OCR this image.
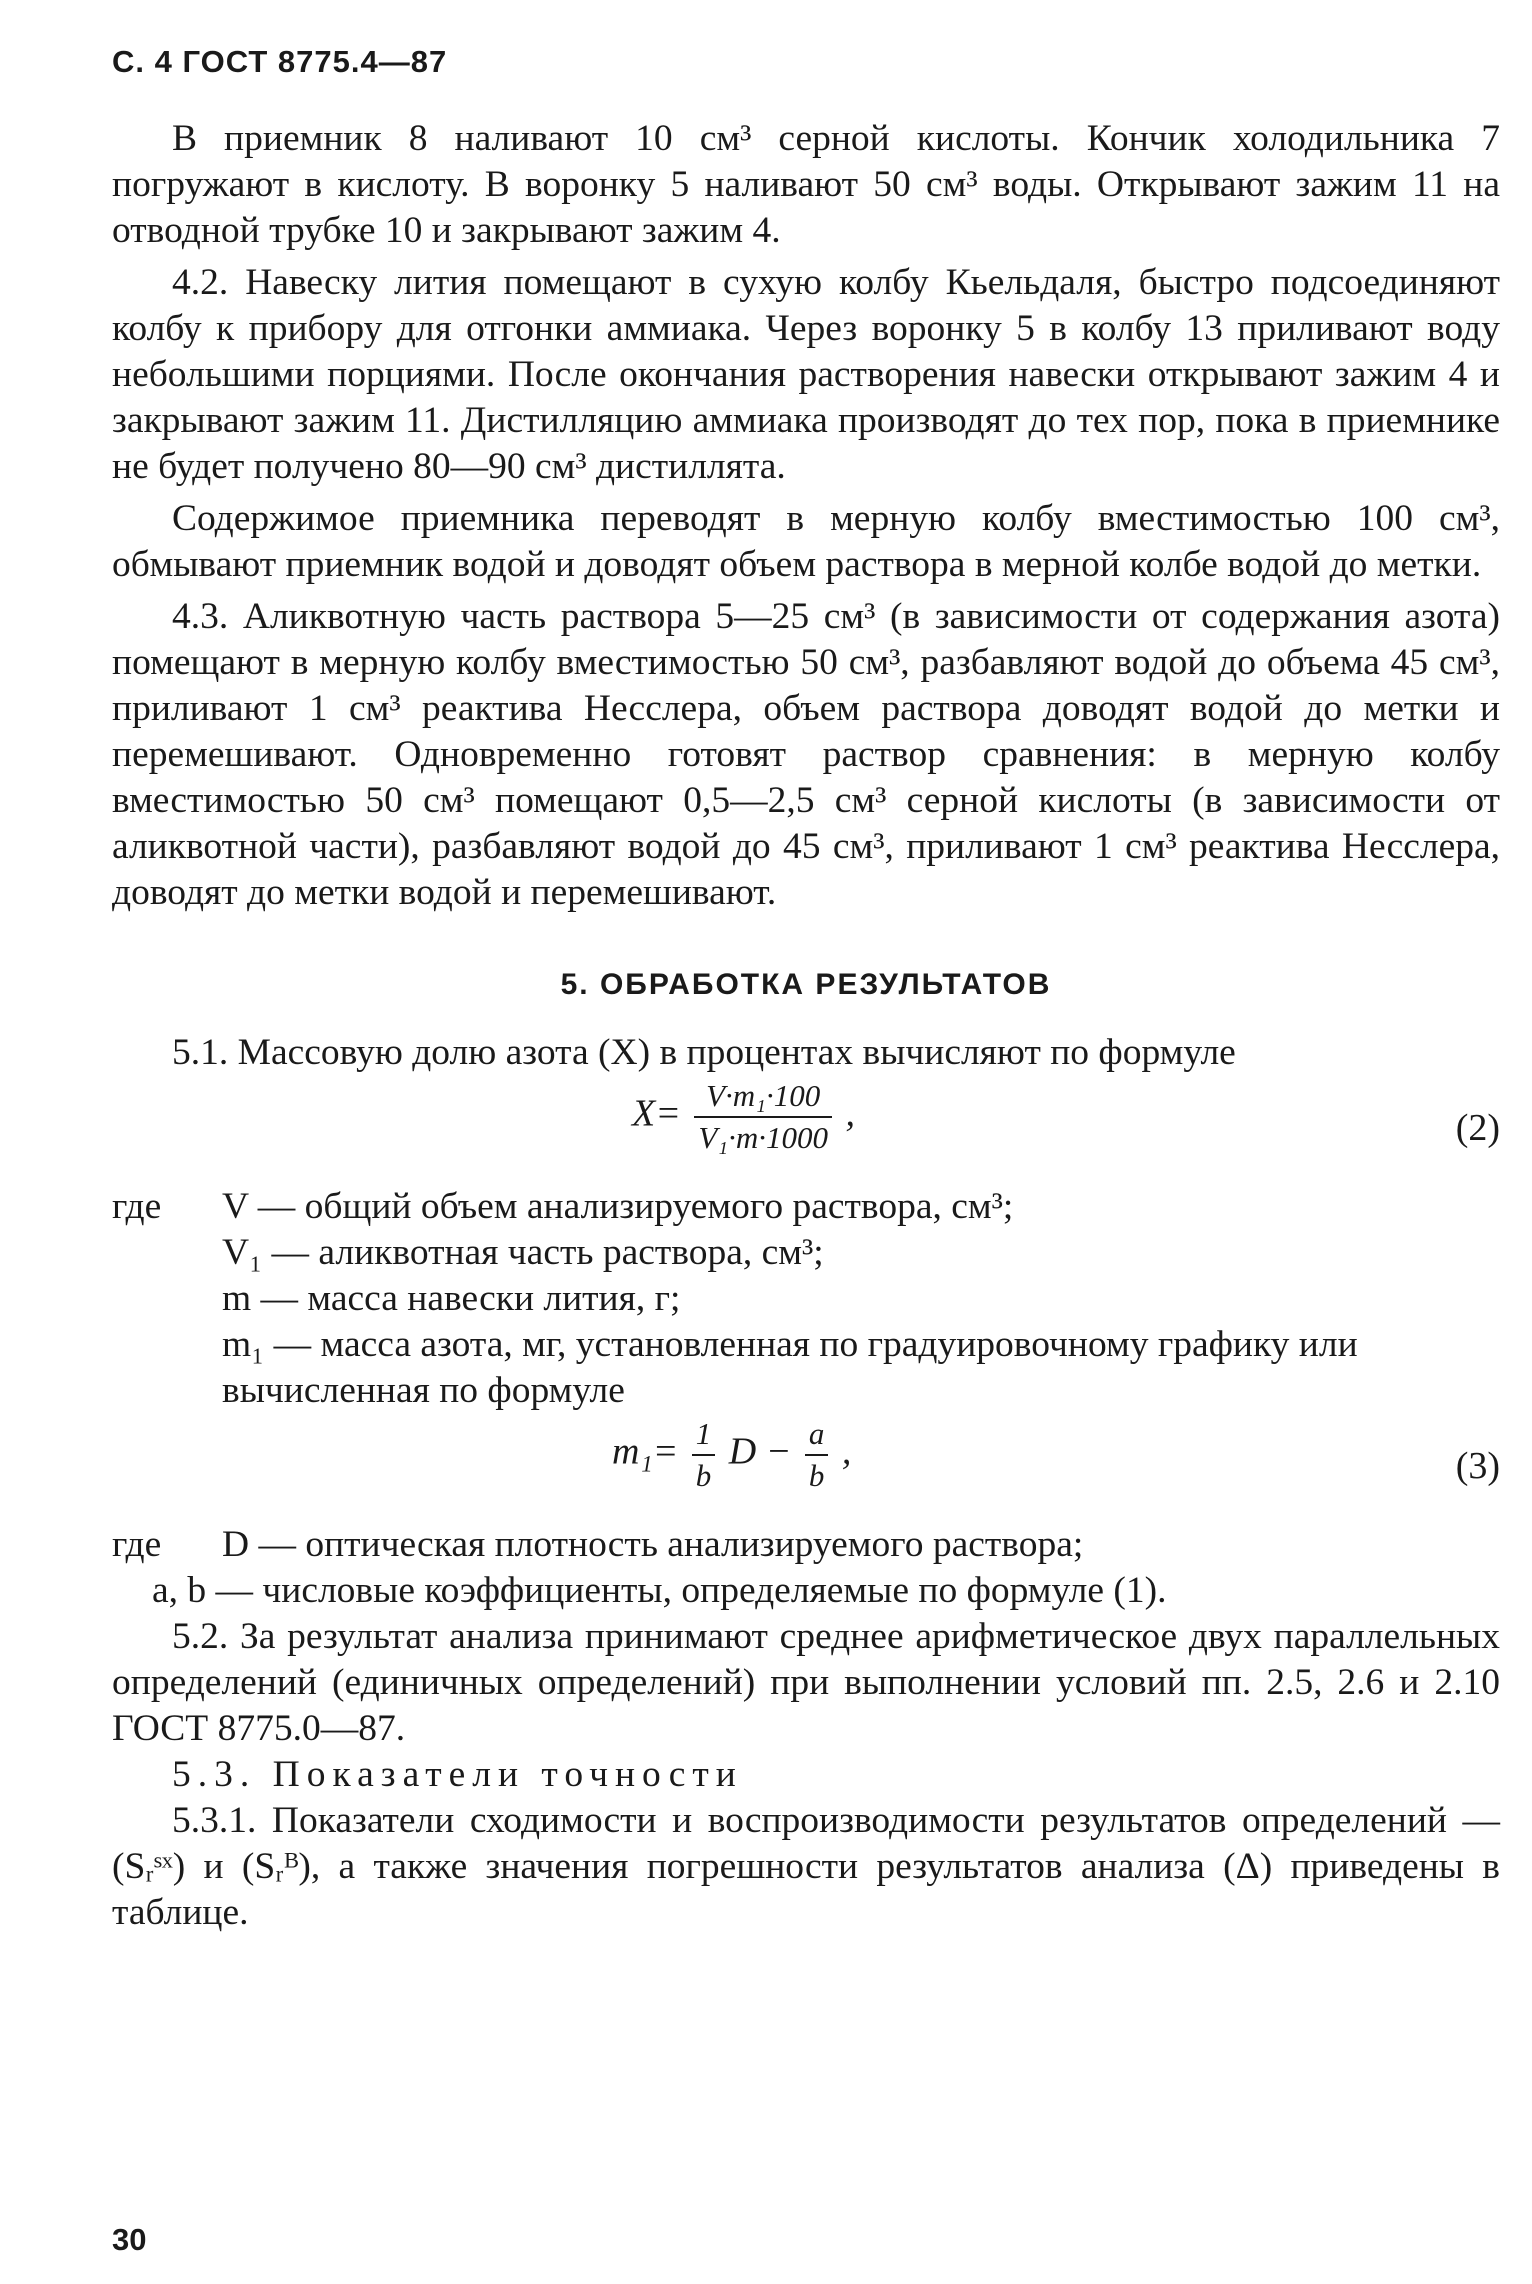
С. 4 ГОСТ 8775.4—87

В приемник 8 наливают 10 см³ серной кислоты. Кончик холодильника 7 погружают в кислоту. В воронку 5 наливают 50 см³ воды. Открывают зажим 11 на отводной трубке 10 и закрывают зажим 4.

4.2. Навеску лития помещают в сухую колбу Кьельдаля, быстро подсоединяют колбу к прибору для отгонки аммиака. Через воронку 5 в колбу 13 приливают воду небольшими порциями. После окончания растворения навески открывают зажим 4 и закрывают зажим 11. Дистилляцию аммиака производят до тех пор, пока в приемнике не будет получено 80—90 см³ дистиллята.

Содержимое приемника переводят в мерную колбу вместимостью 100 см³, обмывают приемник водой и доводят объем раствора в мерной колбе водой до метки.

4.3. Аликвотную часть раствора 5—25 см³ (в зависимости от содержания азота) помещают в мерную колбу вместимостью 50 см³, разбавляют водой до объема 45 см³, приливают 1 см³ реактива Несслера, объем раствора доводят водой до метки и перемешивают. Одновременно готовят раствор сравнения: в мерную колбу вместимостью 50 см³ помещают 0,5—2,5 см³ серной кислоты (в зависимости от аликвотной части), разбавляют водой до 45 см³, приливают 1 см³ реактива Несслера, доводят до метки водой и перемешивают.

5. ОБРАБОТКА РЕЗУЛЬТАТОВ

5.1. Массовую долю азота (X) в процентах вычисляют по формуле

$X= \frac{\text{V·m₁·100}}{\text{V₁·m·1000}}$ ,	(2)
где V — общий объем анализируемого раствора, см³;
V₁ — аликвотная часть раствора, см³;
m — масса навески лития, г;
m₁ — масса азота, мг, установленная по градуировочному графику или вычисленная по формуле
$m_1= \frac{1}{b}$ $D - \frac{a}{b}$ ,	(3)
где D — оптическая плотность анализируемого раствора;
a, b — числовые коэффициенты, определяемые по формуле (1).

5.2. За результат анализа принимают среднее арифметическое двух параллельных определений (единичных определений) при выполнении условий пп. 2.5, 2.6 и 2.10 ГОСТ 8775.0—87.

5.3. Показатели точности

5.3.1. Показатели сходимости и воспроизводимости результатов определений — (Sᵣˢˣ) и (Sᵣᴮ), а также значения погрешности результатов анализа (Δ) приведены в таблице.

30
